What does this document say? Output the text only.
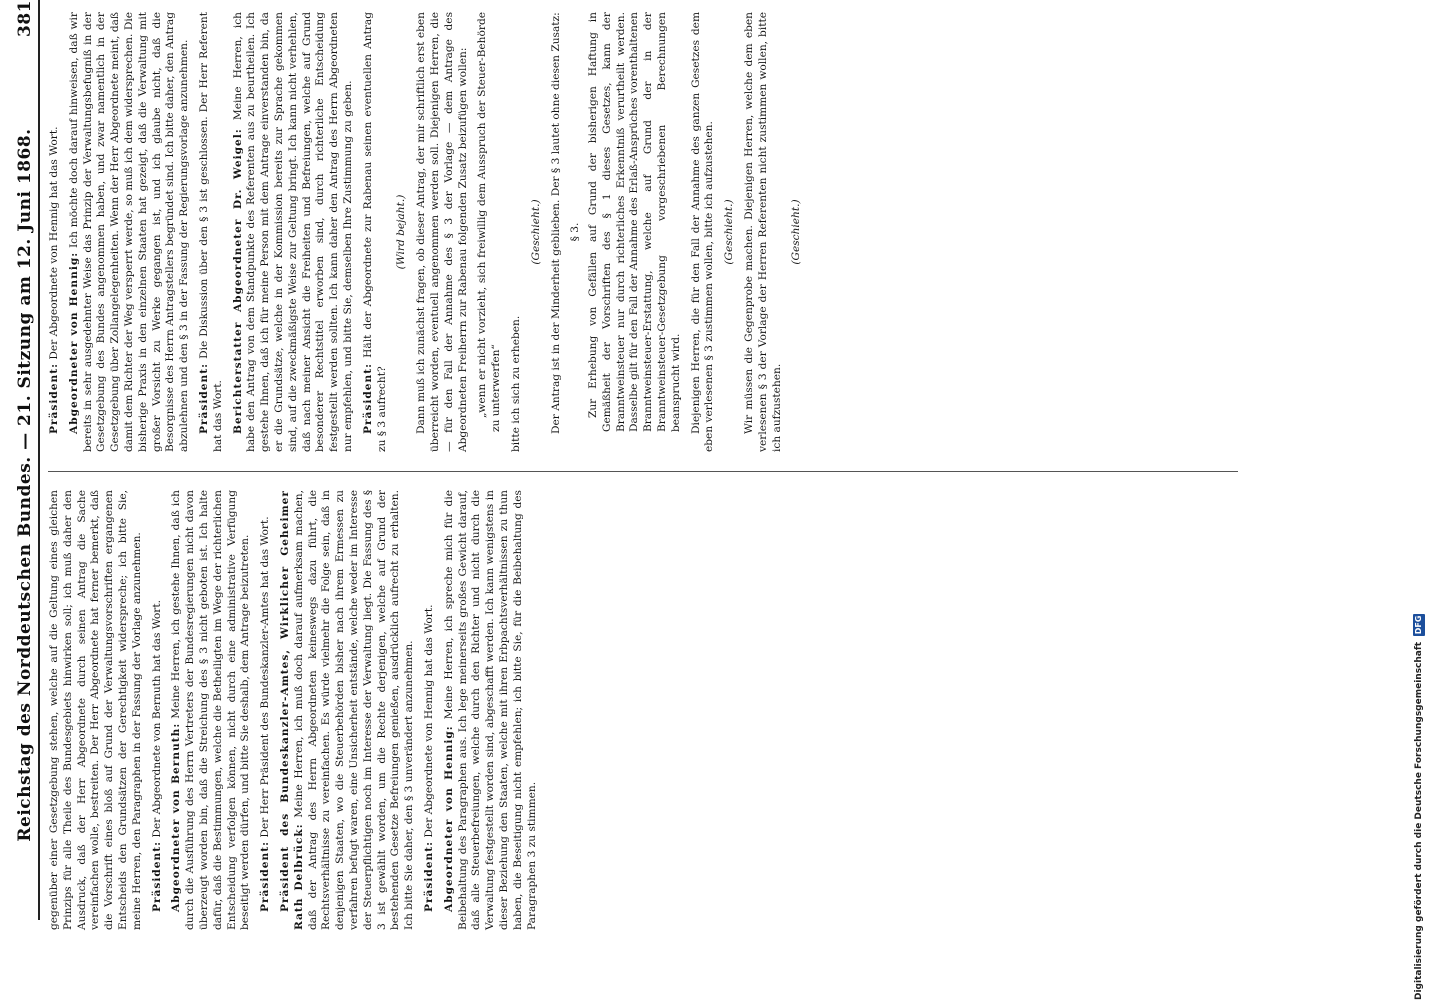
Reichstag des Norddeutschen Bundes. — 21. Sitzung am 12. Juni 1868.
381

gegenüber einer Gesetzgebung stehen, welche auf die Geltung eines gleichen Prinzips für alle Theile des Bundesgebiets hinwirken soll; ich muß daher den Ausdruck, daß der Herr Abgeordnete durch seinen Antrag die Sache vereinfachen wolle, bestreiten. Der Herr Abgeordnete hat ferner bemerkt, daß die Vorschrift eines bloß auf Grund der Verwaltungsvorschriften ergangenen Entscheids den Grundsätzen der Gerechtigkeit widerspreche; ich bitte Sie, meine Herren, den Paragraphen in der Fassung der Vorlage anzunehmen. Präsident: Der Abgeordnete von Bernuth hat das Wort. Abgeordneter von Bernuth: Meine Herren, ich gestehe Ihnen, daß ich durch die Ausführung des Herrn Vertreters der Bundesregierungen nicht davon überzeugt worden bin, daß die Streichung des § 3 nicht geboten ist. Ich halte dafür, daß die Bestimmungen, welche die Betheiligten im Wege der richterlichen Entscheidung verfolgen können, nicht durch eine administrative Verfügung beseitigt werden dürfen, und bitte Sie deshalb, dem Antrage beizutreten. Präsident: Der Herr Präsident des Bundeskanzler-Amtes hat das Wort. Präsident des Bundeskanzler-Amtes, Wirklicher Geheimer Rath Delbrück: Meine Herren, ich muß doch darauf aufmerksam machen, daß der Antrag des Herrn Abgeordneten keineswegs dazu führt, die Rechtsverhältnisse zu vereinfachen. Es würde vielmehr die Folge sein, daß in denjenigen Staaten, wo die Steuerbehörden bisher nach ihrem Ermessen zu verfahren befugt waren, eine Unsicherheit entstände, welche weder im Interesse der Steuerpflichtigen noch im Interesse der Verwaltung liegt. Die Fassung des § 3 ist gewählt worden, um die Rechte derjenigen, welche auf Grund der bestehenden Gesetze Befreiungen genießen, ausdrücklich aufrecht zu erhalten. Ich bitte Sie daher, den § 3 unverändert anzunehmen. Präsident: Der Abgeordnete von Hennig hat das Wort. Abgeordneter von Hennig: Meine Herren, ich spreche mich für die Beibehaltung des Paragraphen aus. Ich lege meinerseits großes Gewicht darauf, daß alle Steuerbefreiungen, welche durch den Richter und nicht durch die Verwaltung festgestellt worden sind, abgeschafft werden. Ich kann wenigstens in dieser Beziehung den Staaten, welche mit ihren Erbpachtsverhältnissen zu thun haben, die Beseitigung nicht empfehlen; ich bitte Sie, für die Beibehaltung des Paragraphen 3 zu stimmen.

Präsident: Der Abgeordnete von Hennig hat das Wort. Abgeordneter von Hennig: Ich möchte doch darauf hinweisen, daß wir bereits in sehr ausgedehnter Weise das Prinzip der Verwaltungsbefugniß in der Gesetzgebung des Bundes angenommen haben, und zwar namentlich in der Gesetzgebung über Zollangelegenheiten. Wenn der Herr Abgeordnete meint, daß damit dem Richter der Weg versperrt werde, so muß ich dem widersprechen. Die bisherige Praxis in den einzelnen Staaten hat gezeigt, daß die Verwaltung mit großer Vorsicht zu Werke gegangen ist, und ich glaube nicht, daß die Besorgnisse des Herrn Antragstellers begründet sind. Ich bitte daher, den Antrag abzulehnen und den § 3 in der Fassung der Regierungsvorlage anzunehmen. Präsident: Die Diskussion über den § 3 ist geschlossen. Der Herr Referent hat das Wort. Berichterstatter Abgeordneter Dr. Weigel: Meine Herren, ich habe den Antrag von dem Standpunkte des Referenten aus zu beurtheilen. Ich gestehe Ihnen, daß ich für meine Person mit dem Antrage einverstanden bin, da er die Grundsätze, welche in der Kommission bereits zur Sprache gekommen sind, auf die zweckmäßigste Weise zur Geltung bringt. Ich kann nicht verhehlen, daß nach meiner Ansicht die Freiheiten und Befreiungen, welche auf Grund besonderer Rechtstitel erworben sind, durch richterliche Entscheidung festgestellt werden sollten. Ich kann daher den Antrag des Herrn Abgeordneten nur empfehlen, und bitte Sie, demselben Ihre Zustimmung zu geben. Präsident: Hält der Abgeordnete zur Rabenau seinen eventuellen Antrag zu § 3 aufrecht?

(Wird bejaht.) Dann muß ich zunächst fragen, ob dieser Antrag, der mir schriftlich erst eben überreicht worden, eventuell angenommen werden soll. Diejenigen Herren, die — für den Fall der Annahme des § 3 der Vorlage — dem Antrage des Abgeordneten Freiherrn zur Rabenau folgenden Zusatz beizufügen wollen: „wenn er nicht vorzieht, sich freiwillig dem Ausspruch der Steuer-Behörde zu unterwerfen“ bitte ich sich zu erheben.

(Geschieht.) Der Antrag ist in der Minderheit geblieben. Der § 3 lautet ohne diesen Zusatz: § 3. Zur Erhebung von Gefällen auf Grund der bisherigen Haftung in Gemäßheit der Vorschriften des § 1 dieses Gesetzes, kann der Branntweinsteuer nur durch richterliches Erkenntniß verurtheilt werden. Dasselbe gilt für den Fall der Annahme des Erlaß-Ansprüches vorenthaltenen Branntweinsteuer-Erstattung, welche auf Grund der in der Branntweinsteuer-Gesetzgebung vorgeschriebenen Berechnungen beansprucht wird. Diejenigen Herren, die für den Fall der Annahme des ganzen Gesetzes dem eben verlesenen § 3 zustimmen wollen, bitte ich aufzustehen. (Geschieht.) Wir müssen die Gegenprobe machen. Diejenigen Herren, welche dem eben verlesenen § 3 der Vorlage der Herren Referenten nicht zustimmen wollen, bitte ich aufzustehen.

(Geschieht.)

Digitalisierung gefördert durch die Deutsche Forschungsgemeinschaft
DFG
